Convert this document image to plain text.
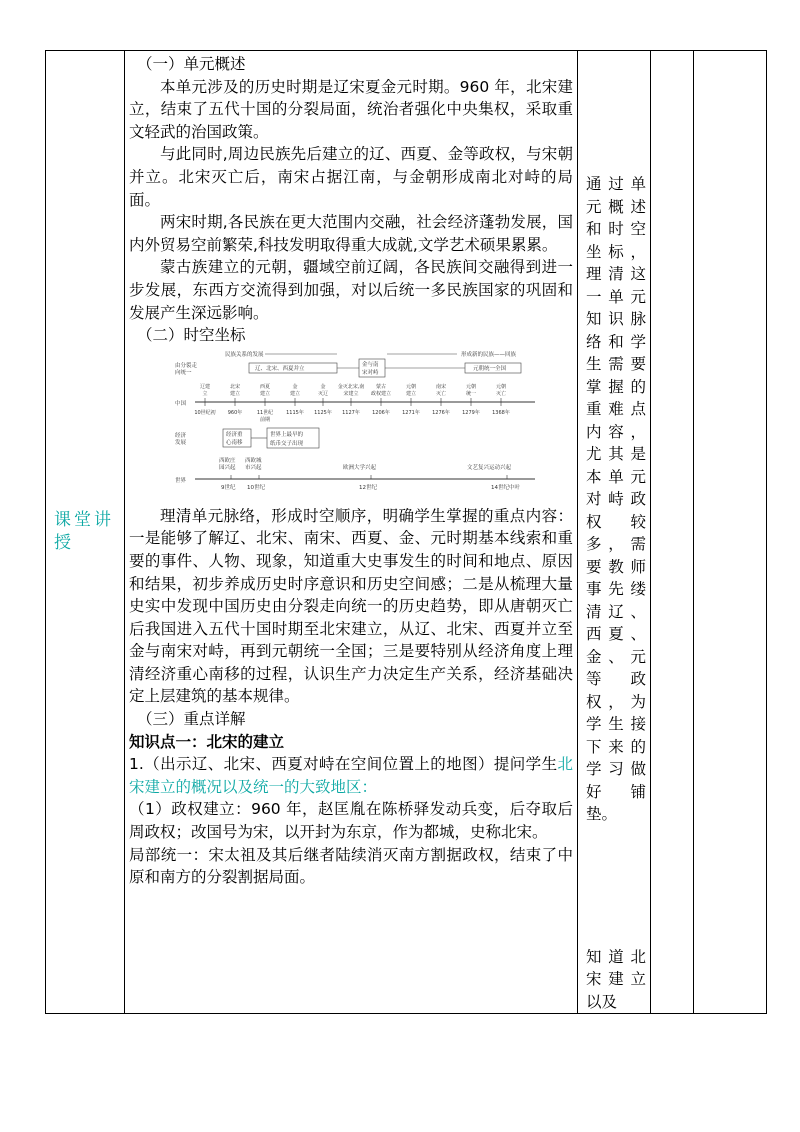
课堂讲授

（一）单元概述

本单元涉及的历史时期是辽宋夏金元时期。960 年，北宋建立，结束了五代十国的分裂局面，统治者强化中央集权，采取重文轻武的治国政策。

与此同时,周边民族先后建立的辽、西夏、金等政权，与宋朝并立。北宋灭亡后，南宋占据江南，与金朝形成南北对峙的局面。

两宋时期,各民族在更大范围内交融，社会经济蓬勃发展，国内外贸易空前繁荣,科技发明取得重大成就,文学艺术硕果累累。

蒙古族建立的元朝，疆域空前辽阔，各民族间交融得到进一步发展，东西方交流得到加强，对以后统一多民族国家的巩固和发展产生深远影响。

（二）时空坐标

民族关系的发展	形成新的民族——回族
由分裂走
向统一
辽、北宋、西夏并立
金与南
宋对峙
元朝统一全国
中国
辽建
立
10世纪初
北宋
建立
960年
西夏
建立
11世纪
金
建立
1115年
金
灭辽
1125年
金灭北宋,南
宋建立
1127年
蒙古
政权建立
1206年
元朝
建立
1271年
南宋
灭亡
1276年
元朝
统一
1279年
元朝
灭亡
1368年
前期
经济
发展
经济重
心南移
世界上最早的
纸币交子出现
西欧庄
园兴起
西欧城
市兴起	欧洲大学兴起	文艺复兴运动兴起
世界
9世纪 10世纪	12世纪	14世纪中叶

理清单元脉络，形成时空顺序，明确学生掌握的重点内容：一是能够了解辽、北宋、南宋、西夏、金、元时期基本线索和重要的事件、人物、现象，知道重大史事发生的时间和地点、原因和结果，初步养成历史时序意识和历史空间感；二是从梳理大量史实中发现中国历史由分裂走向统一的历史趋势，即从唐朝灭亡后我国进入五代十国时期至北宋建立，从辽、北宋、西夏并立至金与南宋对峙，再到元朝统一全国；三是要特别从经济角度上理清经济重心南移的过程，认识生产力决定生产关系，经济基础决定上层建筑的基本规律。

（三）重点详解

知识点一：北宋的建立

1.（出示辽、北宋、西夏对峙在空间位置上的地图）提问学生北宋建立的概况以及统一的大致地区：

（1）政权建立：960 年，赵匡胤在陈桥驿发动兵变，后夺取后周政权；改国号为宋，以开封为东京，作为都城，史称北宋。

局部统一：宋太祖及其后继者陆续消灭南方割据政权，结束了中原和南方的分裂割据局面。

通过单元概述和时空坐标，理清这一单元知识脉络和学生需要掌握的重难点内容，尤其是本单元对峙政权较多，需要教师事先缕清辽、西夏、金、元等政权，为学生接下来的学习做好铺垫。
知道北宋建立以及
